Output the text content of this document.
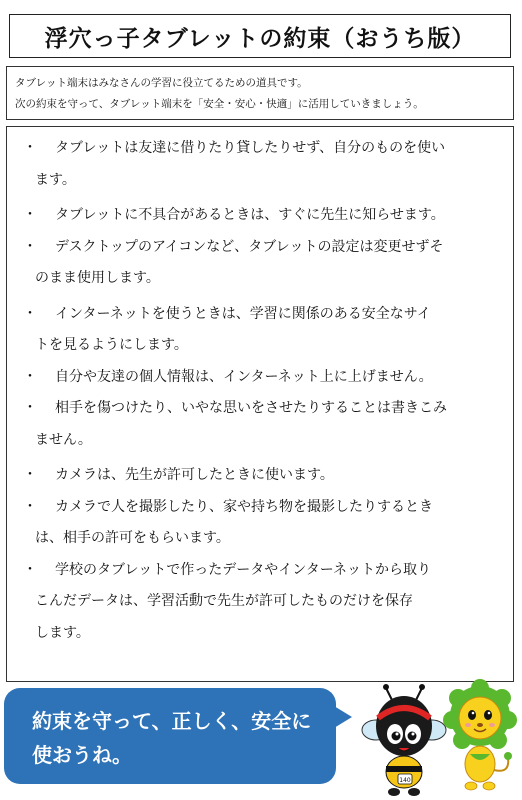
浮穴っ子タブレットの約束（おうち版）

タブレット端末はみなさんの学習に役立てるための道具です。

次の約束を守って、タブレット端末を「安全・安心・快適」に活用していきましょう。

・	タブレットは友達に借りたり貸したりせず、自分のものを使い
ます。
・	タブレットに不具合があるときは、すぐに先生に知らせます。
・	デスクトップのアイコンなど、タブレットの設定は変更せずそ
のまま使用します。
・	インターネットを使うときは、学習に関係のある安全なサイ
トを見るようにします。
・	自分や友達の個人情報は、インターネット上に上げません。
・	相手を傷つけたり、いやな思いをさせたりすることは書きこみ
ません。
・	カメラは、先生が許可したときに使います。
・	カメラで人を撮影したり、家や持ち物を撮影したりするとき
は、相手の許可をもらいます。
・	学校のタブレットで作ったデータやインターネットから取り
こんだデータは、学習活動で先生が許可したものだけを保存
します。
約束を守って、正しく、安全に
使おうね。
140
